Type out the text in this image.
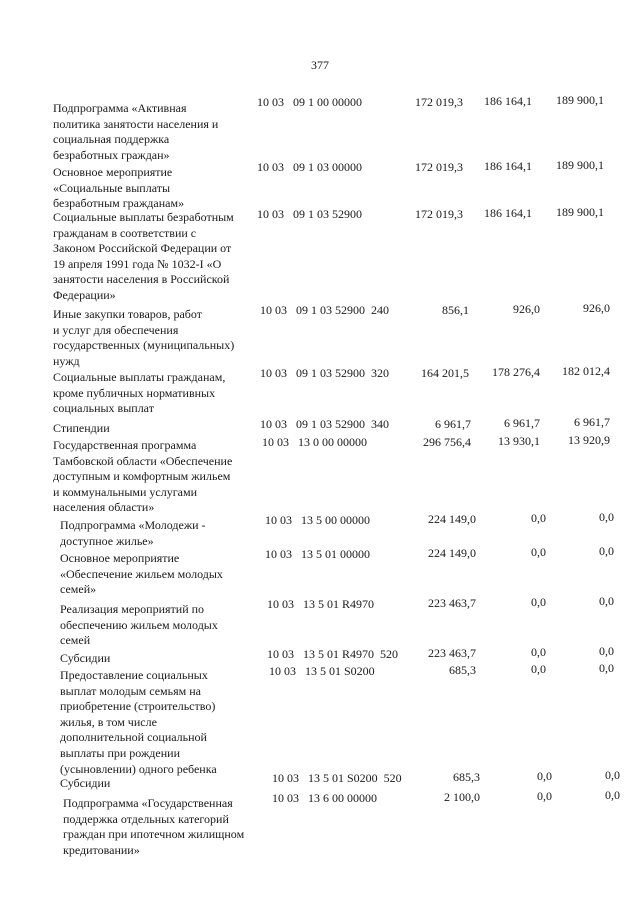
377
Подпрограмма «Активная
политика занятости населения и
социальная поддержка
безработных граждан»
10 03   09 1 00 00000	172 019,3	186 164,1	189 900,1
Основное мероприятие
«Социальные выплаты
безработным гражданам»
10 03   09 1 03 00000	172 019,3	186 164,1	189 900,1
Социальные выплаты безработным
гражданам в соответствии с
Законом Российской Федерации от
19 апреля 1991 года № 1032-I «О
занятости населения в Российской
Федерации»
10 03   09 1 03 52900	172 019,3	186 164,1	189 900,1
Иные закупки товаров, работ
и услуг для обеспечения
государственных (муниципальных)
нужд
10 03   09 1 03 52900  240	856,1	926,0	926,0
Социальные выплаты гражданам,
кроме публичных нормативных
социальных выплат
10 03   09 1 03 52900  320	164 201,5	178 276,4	182 012,4
Стипендии	10 03   09 1 03 52900  340	6 961,7	6 961,7	6 961,7
Государственная программа
Тамбовской области «Обеспечение
доступным и комфортным жильем
и коммунальными услугами
населения области»
10 03   13 0 00 00000	296 756,4	13 930,1	13 920,9
Подпрограмма «Молодежи -
доступное жилье»
10 03   13 5 00 00000	224 149,0	0,0	0,0
Основное мероприятие
«Обеспечение жильем молодых
семей»
10 03   13 5 01 00000	224 149,0	0,0	0,0
Реализация мероприятий по
обеспечению жильем молодых
семей
10 03   13 5 01 R4970	223 463,7	0,0	0,0
Субсидии	10 03   13 5 01 R4970  520	223 463,7	0,0	0,0
Предоставление социальных
выплат молодым семьям на
приобретение (строительство)
жилья, в том числе
дополнительной социальной
выплаты при рождении
(усыновлении) одного ребенка
10 03   13 5 01 S0200	685,3	0,0	0,0
Субсидии	10 03   13 5 01 S0200  520	685,3	0,0	0,0
Подпрограмма «Государственная
поддержка отдельных категорий
граждан при ипотечном жилищном
кредитовании»
10 03   13 6 00 00000	2 100,0	0,0	0,0
